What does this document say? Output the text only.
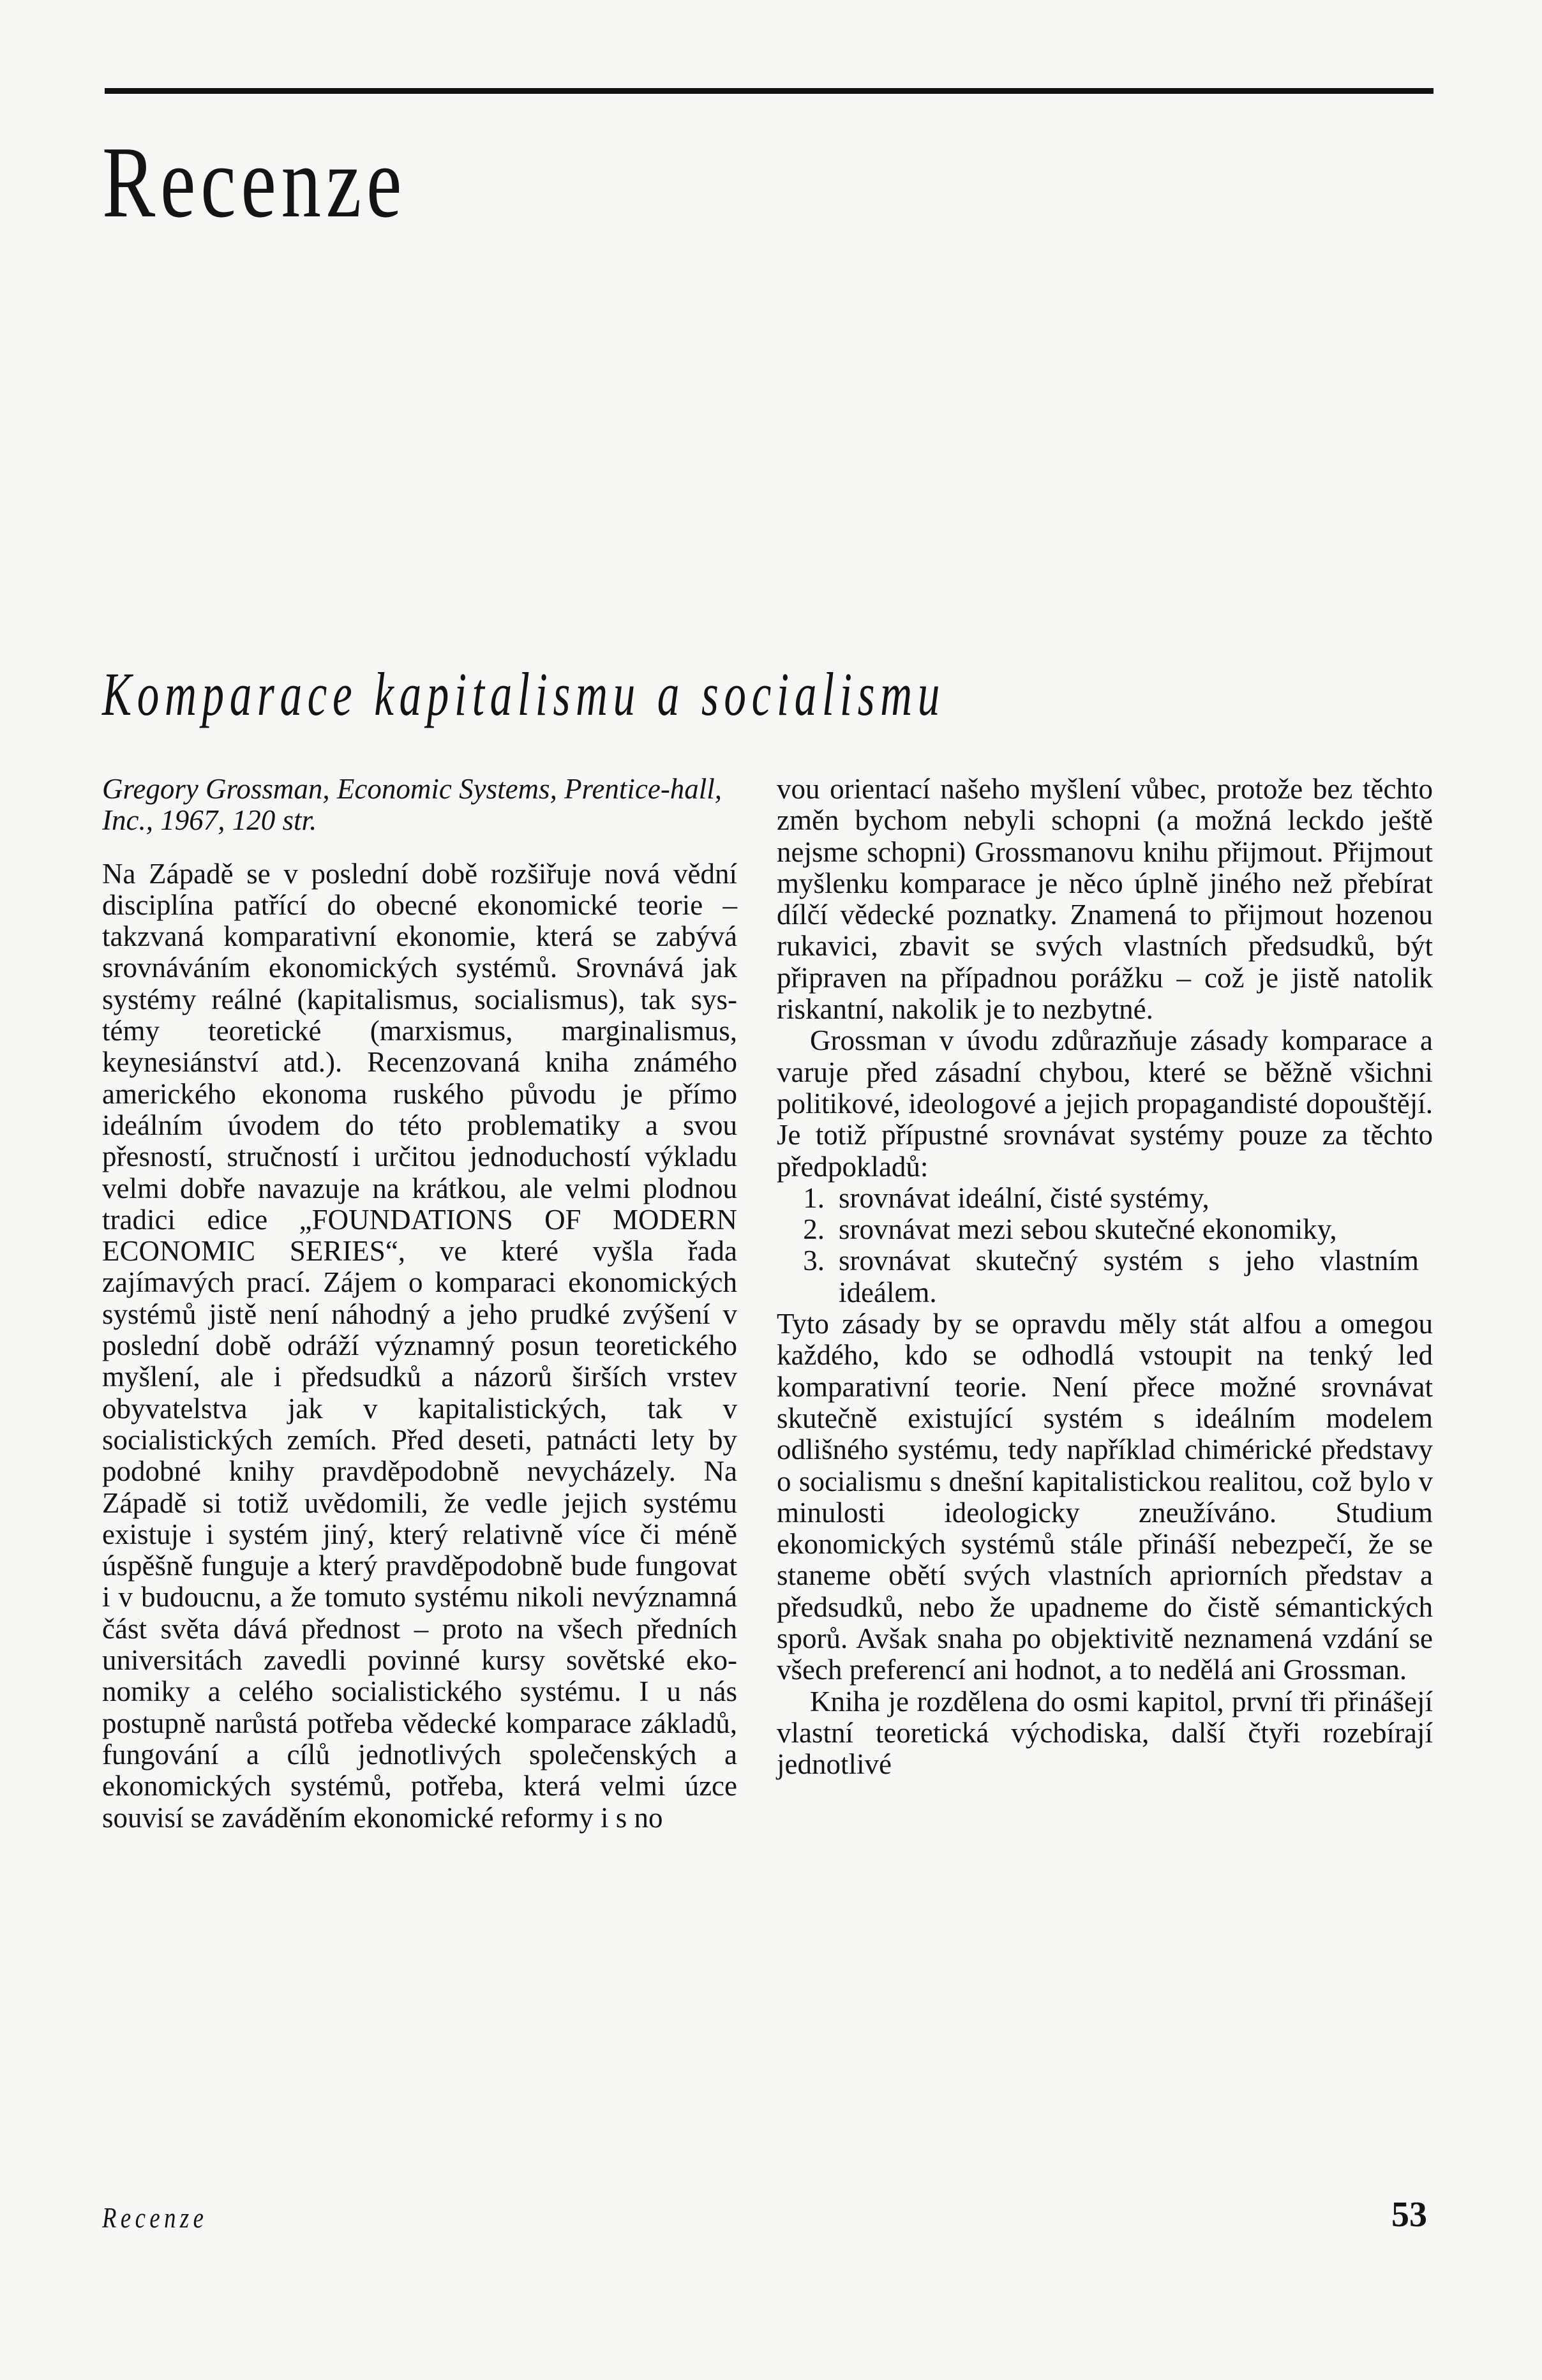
Recenze
Komparace kapitalismu a socialismu

Gregory Grossman, Economic Systems, Prentice-hall, Inc., 1967, 120 str.

Na Západě se v poslední době rozšiřuje nová vědní disciplína patřící do obecné ekonomické teorie – takzvaná komparativní ekonomie, která se zabývá srovnáváním ekonomických systémů. Srovnává jak systémy reálné (kapitalismus, socialismus), tak systémy teoretické (marxismus, marginalismus, keynesiánství atd.). Recenzovaná kniha známého amerického ekonoma ruského původu je přímo ideálním úvodem do této problematiky a svou přesností, stručností i určitou jednoduchostí výkladu velmi dobře navazuje na krátkou, ale velmi plodnou tradici edice „FOUNDATIONS OF MODERN ECONOMIC SERIES“, ve které vyšla řada zajímavých prací. Zájem o komparaci ekonomických systémů jistě není náhodný a jeho prudké zvýšení v poslední době odráží významný posun teoretického myšlení, ale i předsudků a názorů širších vrstev obyvatelstva jak v kapitalistických, tak v socialistických zemích. Před deseti, patnácti lety by podobné knihy pravděpodobně nevycházely. Na Západě si totiž uvědomili, že vedle jejich systému existuje i systém jiný, který relativně více či méně úspěšně funguje a který pravděpodobně bude fungovat i v budoucnu, a že tomuto systému nikoli nevýznamná část světa dává přednost – proto na všech předních universitách zavedli povinné kursy sovětské ekonomiky a celého socialistického systému. I u nás postupně narůstá potřeba vědecké komparace základů, fungování a cílů jednotlivých společenských a ekonomických systémů, potřeba, která velmi úzce souvisí se zaváděním ekonomické reformy i s no

vou orientací našeho myšlení vůbec, protože bez těchto změn bychom nebyli schopni (a možná leckdo ještě nejsme schopni) Grossmanovu knihu přijmout. Přijmout myšlenku komparace je něco úplně jiného než přebírat dílčí vědecké poznatky. Znamená to přijmout hozenou rukavici, zbavit se svých vlastních předsudků, být připraven na případnou porážku – což je jistě natolik riskantní, nakolik je to nezbytné.

Grossman v úvodu zdůrazňuje zásady komparace a varuje před zásadní chybou, které se běžně všichni politikové, ideologové a jejich propagandisté dopouštějí. Je totiž přípustné srovnávat systémy pouze za těchto předpokladů:

1. srovnávat ideální, čisté systémy,
2. srovnávat mezi sebou skutečné ekonomiky,
3. srovnávat skutečný systém s jeho vlastním ideálem.

Tyto zásady by se opravdu měly stát alfou a omegou každého, kdo se odhodlá vstoupit na tenký led komparativní teorie. Není přece možné srovnávat skutečně existující systém s ideálním modelem odlišného systému, tedy například chimérické představy o socialismu s dnešní kapitalistickou realitou, což bylo v minulosti ideologicky zneužíváno. Studium ekonomických systémů stále přináší nebezpečí, že se staneme obětí svých vlastních apriorních představ a předsudků, nebo že upadneme do čistě sémantických sporů. Avšak snaha po objektivitě neznamená vzdání se všech preferencí ani hodnot, a to nedělá ani Grossman.

Kniha je rozdělena do osmi kapitol, první tři přinášejí vlastní teoretická východiska, další čtyři rozebírají jednotlivé

Recenze	53
